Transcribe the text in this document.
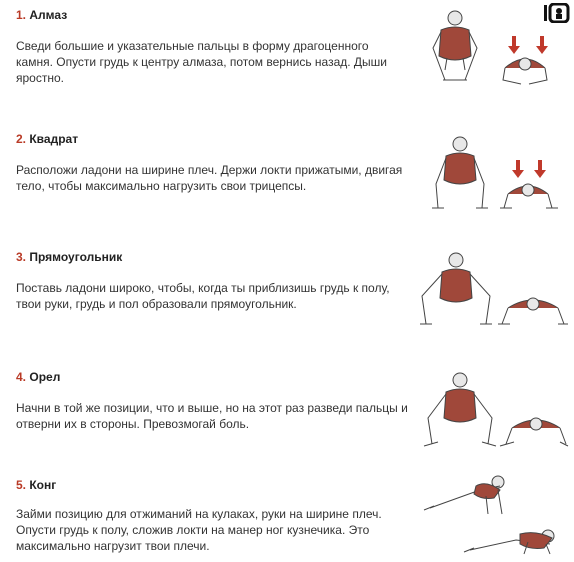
1. Алмаз
Сведи большие и указательные пальцы в форму драгоценного камня. Опусти грудь к центру алмаза, потом вернись назад. Дыши яростно.
2. Квадрат
Расположи ладони на ширине плеч. Держи локти прижатыми, двигая тело, чтобы максимально нагрузить свои трицепсы.
3. Прямоугольник
Поставь ладони широко, чтобы, когда ты приблизишь грудь к полу, твои руки, грудь и пол образовали прямоугольник.
4. Орел
Начни в той же позиции, что и выше, но на этот раз разведи пальцы и отверни их в стороны. Превозмогай боль.
5. Конг
Займи позицию для отжиманий на кулаках, руки на ширине плеч. Опусти грудь к полу, сложив локти на манер ног кузнечика. Это максимально нагрузит твои плечи.
